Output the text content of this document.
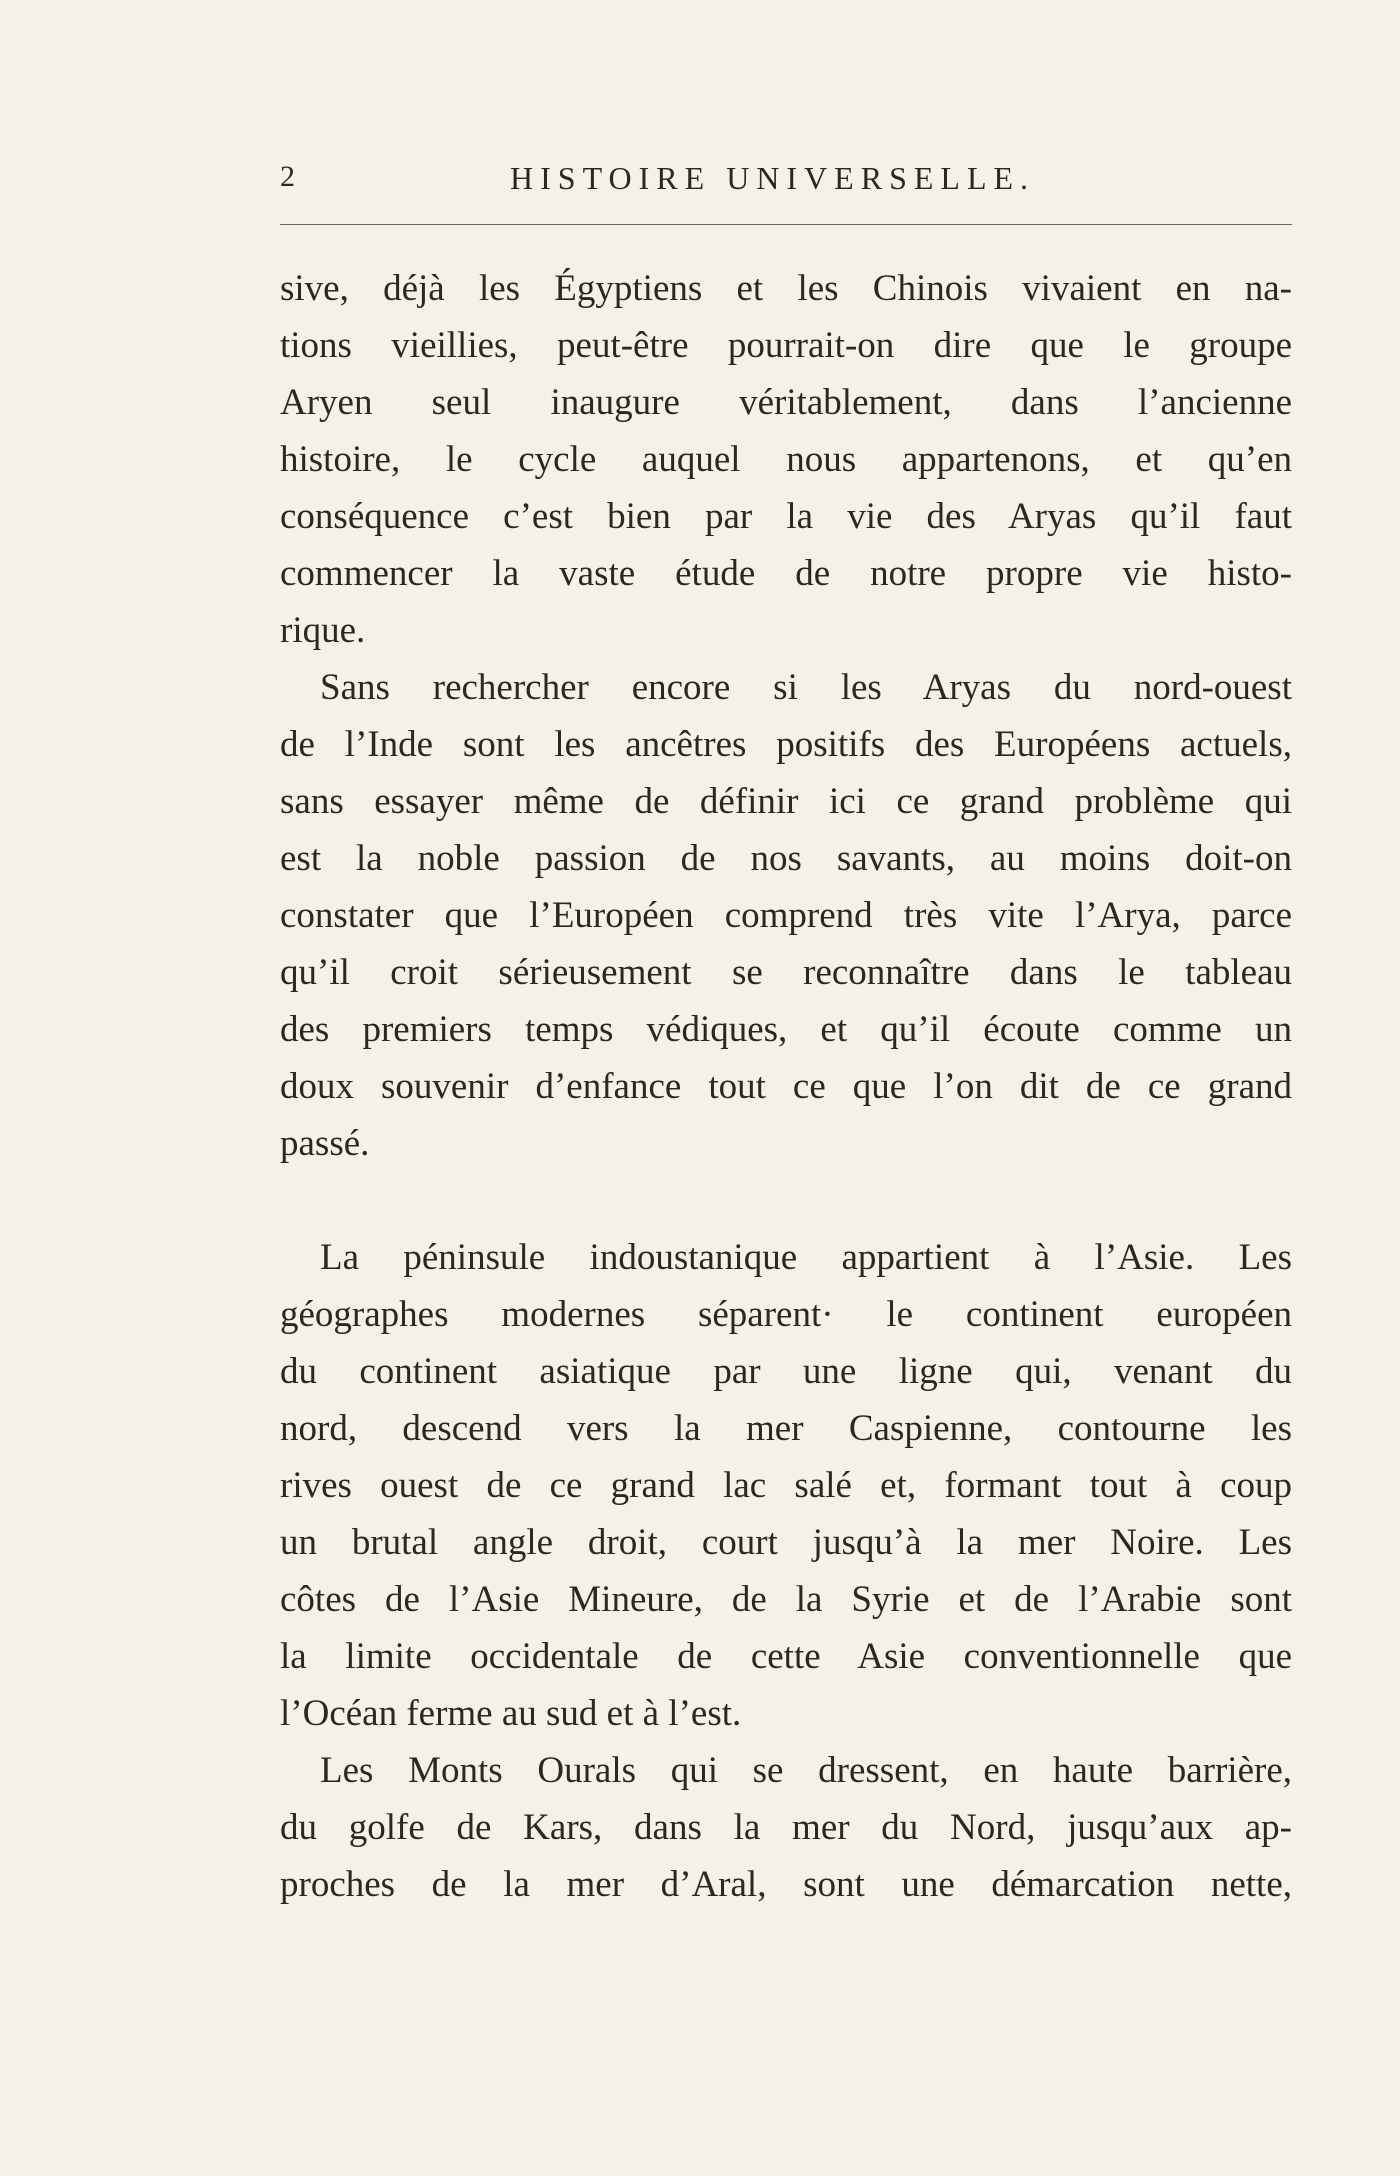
2	HISTOIRE UNIVERSELLE.
sive, déjà les Égyptiens et les Chinois vivaient en na-
tions vieillies, peut-être pourrait-on dire que le groupe
Aryen seul inaugure véritablement, dans l’ancienne
histoire, le cycle auquel nous appartenons, et qu’en
conséquence c’est bien par la vie des Aryas qu’il faut
commencer la vaste étude de notre propre vie histo-
rique.
Sans rechercher encore si les Aryas du nord-ouest
de l’Inde sont les ancêtres positifs des Européens actuels,
sans essayer même de définir ici ce grand problème qui
est la noble passion de nos savants, au moins doit-on
constater que l’Européen comprend très vite l’Arya, parce
qu’il croit sérieusement se reconnaître dans le tableau
des premiers temps védiques, et qu’il écoute comme un
doux souvenir d’enfance tout ce que l’on dit de ce grand
passé.
La péninsule indoustanique appartient à l’Asie. Les
géographes modernes séparent· le continent européen
du continent asiatique par une ligne qui, venant du
nord, descend vers la mer Caspienne, contourne les
rives ouest de ce grand lac salé et, formant tout à coup
un brutal angle droit, court jusqu’à la mer Noire. Les
côtes de l’Asie Mineure, de la Syrie et de l’Arabie sont
la limite occidentale de cette Asie conventionnelle que
l’Océan ferme au sud et à l’est.
Les Monts Ourals qui se dressent, en haute barrière,
du golfe de Kars, dans la mer du Nord, jusqu’aux ap-
proches de la mer d’Aral, sont une démarcation nette,
